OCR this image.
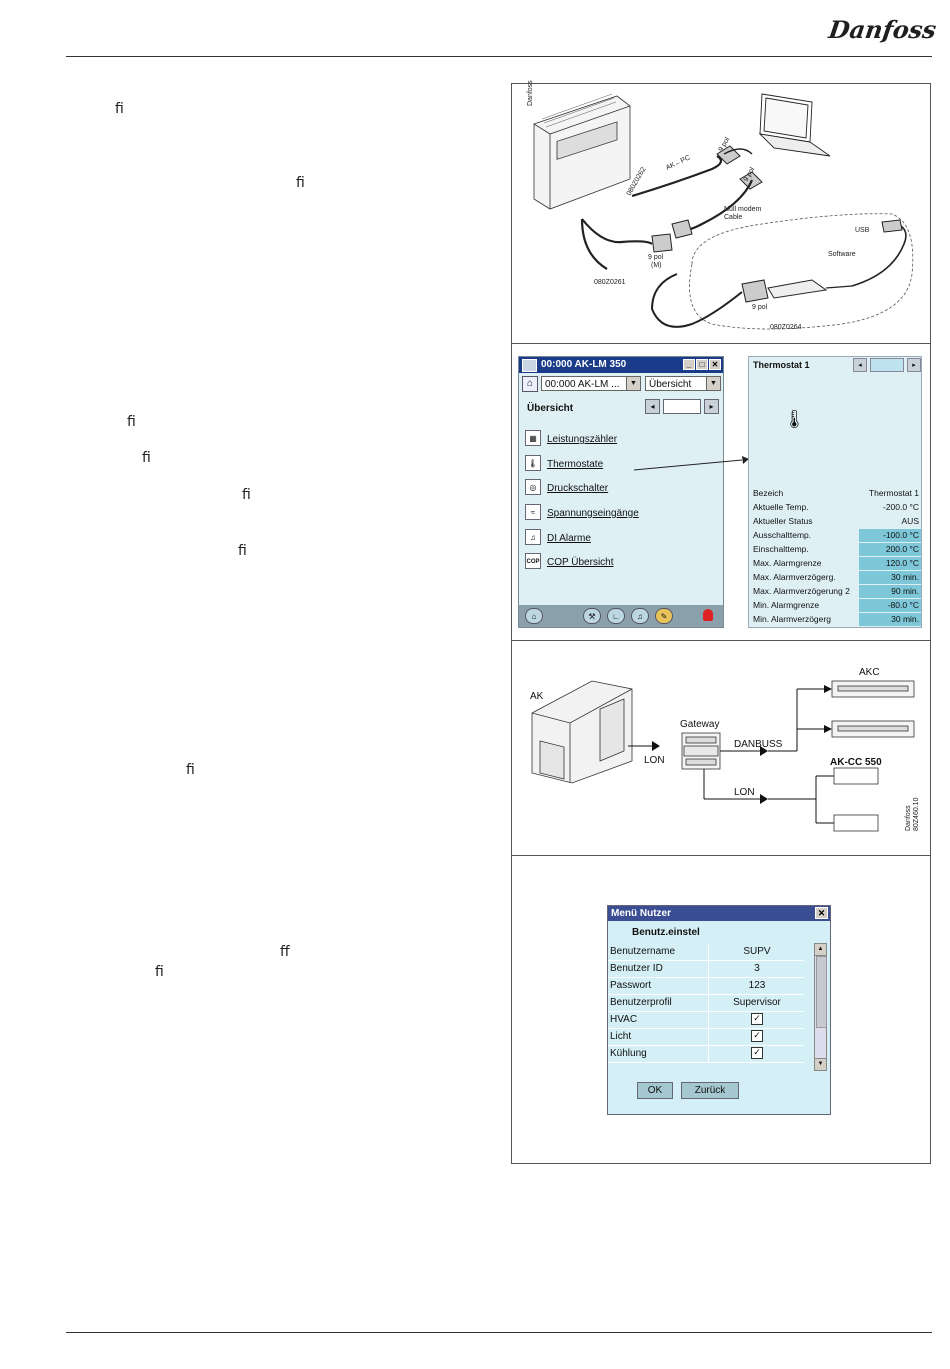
Danfoss
fi
fi
fi
fi
fi
fi
fi
ff
fi
Danfoss
080Z0262
AK←PC
9 pol
9 pol
Null modem
Cable
USB
Software
9 pol
(M)
080Z0261
9 pol
080Z0264
00:000 AK-LM 350	_	□ ✕
⌂	00:000 AK-LM ...	▼	Übersicht	▼
Übersicht	◂	▸
▦	Leistungszähler
🌡 Thermostate
◎	Druckschalter
≈	Spannungseingänge
♫	DI Alarme
COP COP Übersicht
⌂	⚒	∟	♫	✎
Thermostat 1	◂	▸
🌡
Bezeich	Thermostat 1
Aktuelle Temp.	-200.0 °C
Aktueller Status	AUS
Ausschalttemp.	-100.0 °C
Einschalttemp.	200.0 °C
Max. Alarmgrenze	120.0 °C
Max. Alarmverzögerg.	30 min.
Max. Alarmverzögerung 2	90 min.
Min. Alarmgrenze	-80.0 °C
Min. Alarmverzögerg	30 min.
AK
LON
Gateway
DANBUSS
AKC
LON
AK-CC 550
Danfoss 80Z460.10
Menü Nutzer	✕
Benutz.einstel
Benutzername	SUPV
Benutzer ID	3
Passwort	123
Benutzerprofil	Supervisor
HVAC	✓
Licht	✓
Kühlung	✓
▲
▼
OK	Zurück
